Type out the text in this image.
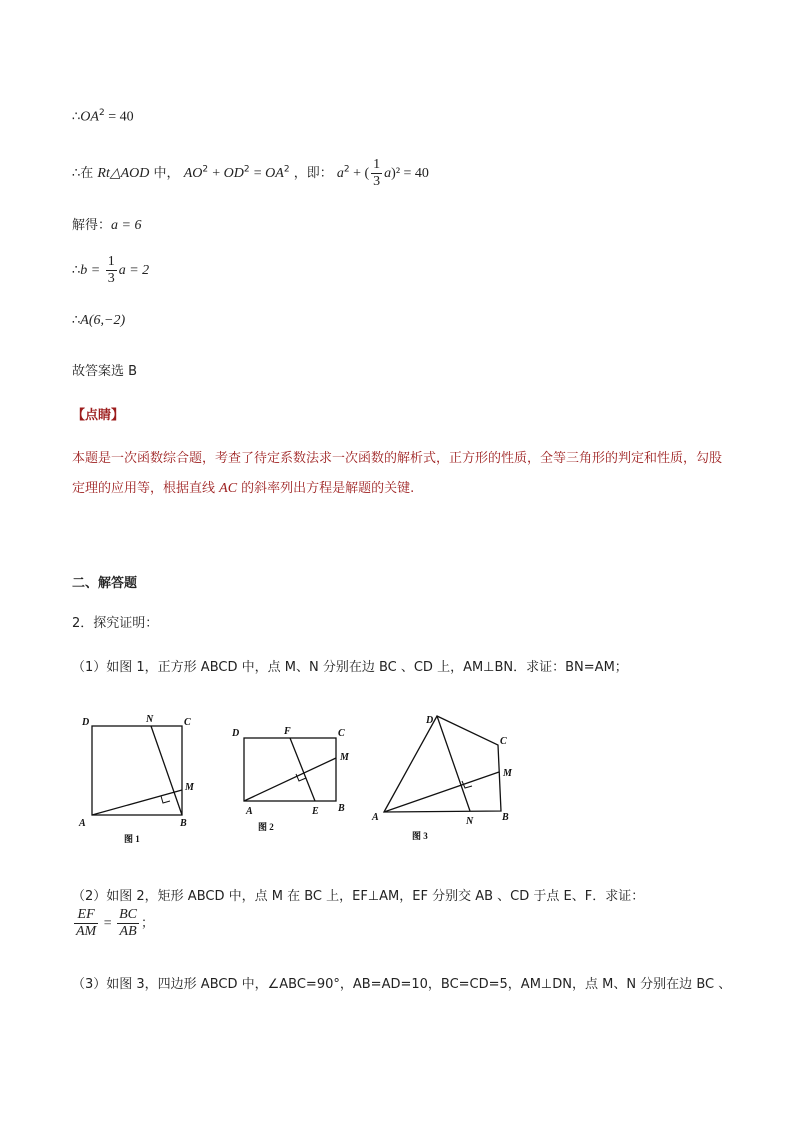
$\therefore OA^2 = 40$
∴在 Rt△AOD 中， $AO^2 + OD^2 = OA^2$ ，即： $a^2$ + ( $\frac{1}{3} a)^2 = 40$
解得：a = 6
∴b = $\frac{1}{3}$ a = 2
∴A(6,−2)
故答案选 B
【点睛】
本题是一次函数综合题，考查了待定系数法求一次函数的解析式，正方形的性质，全等三角形的判定和性质，勾股定理的应用等，根据直线 AC 的斜率列出方程是解题的关键.
二、解答题
2．探究证明：
（1）如图 1，正方形 ABCD 中，点 M、N 分别在边 BC 、CD 上，AM⊥BN．求证：BN=AM；
D	N	C
M
A	B
图 1
D	F	C
M
A	E B
图 2
D
C
M
A	N	B
图 3
（2）如图 2，矩形 ABCD 中，点 M 在 BC 上，EF⊥AM，EF 分别交 AB 、CD 于点 E、F．求证：
$\frac{EF}{AM} = \frac{BC}{AB}$ ；
（3）如图 3，四边形 ABCD 中，∠ABC=90°，AB=AD=10，BC=CD=5，AM⊥DN，点 M、N 分别在边 BC 、
